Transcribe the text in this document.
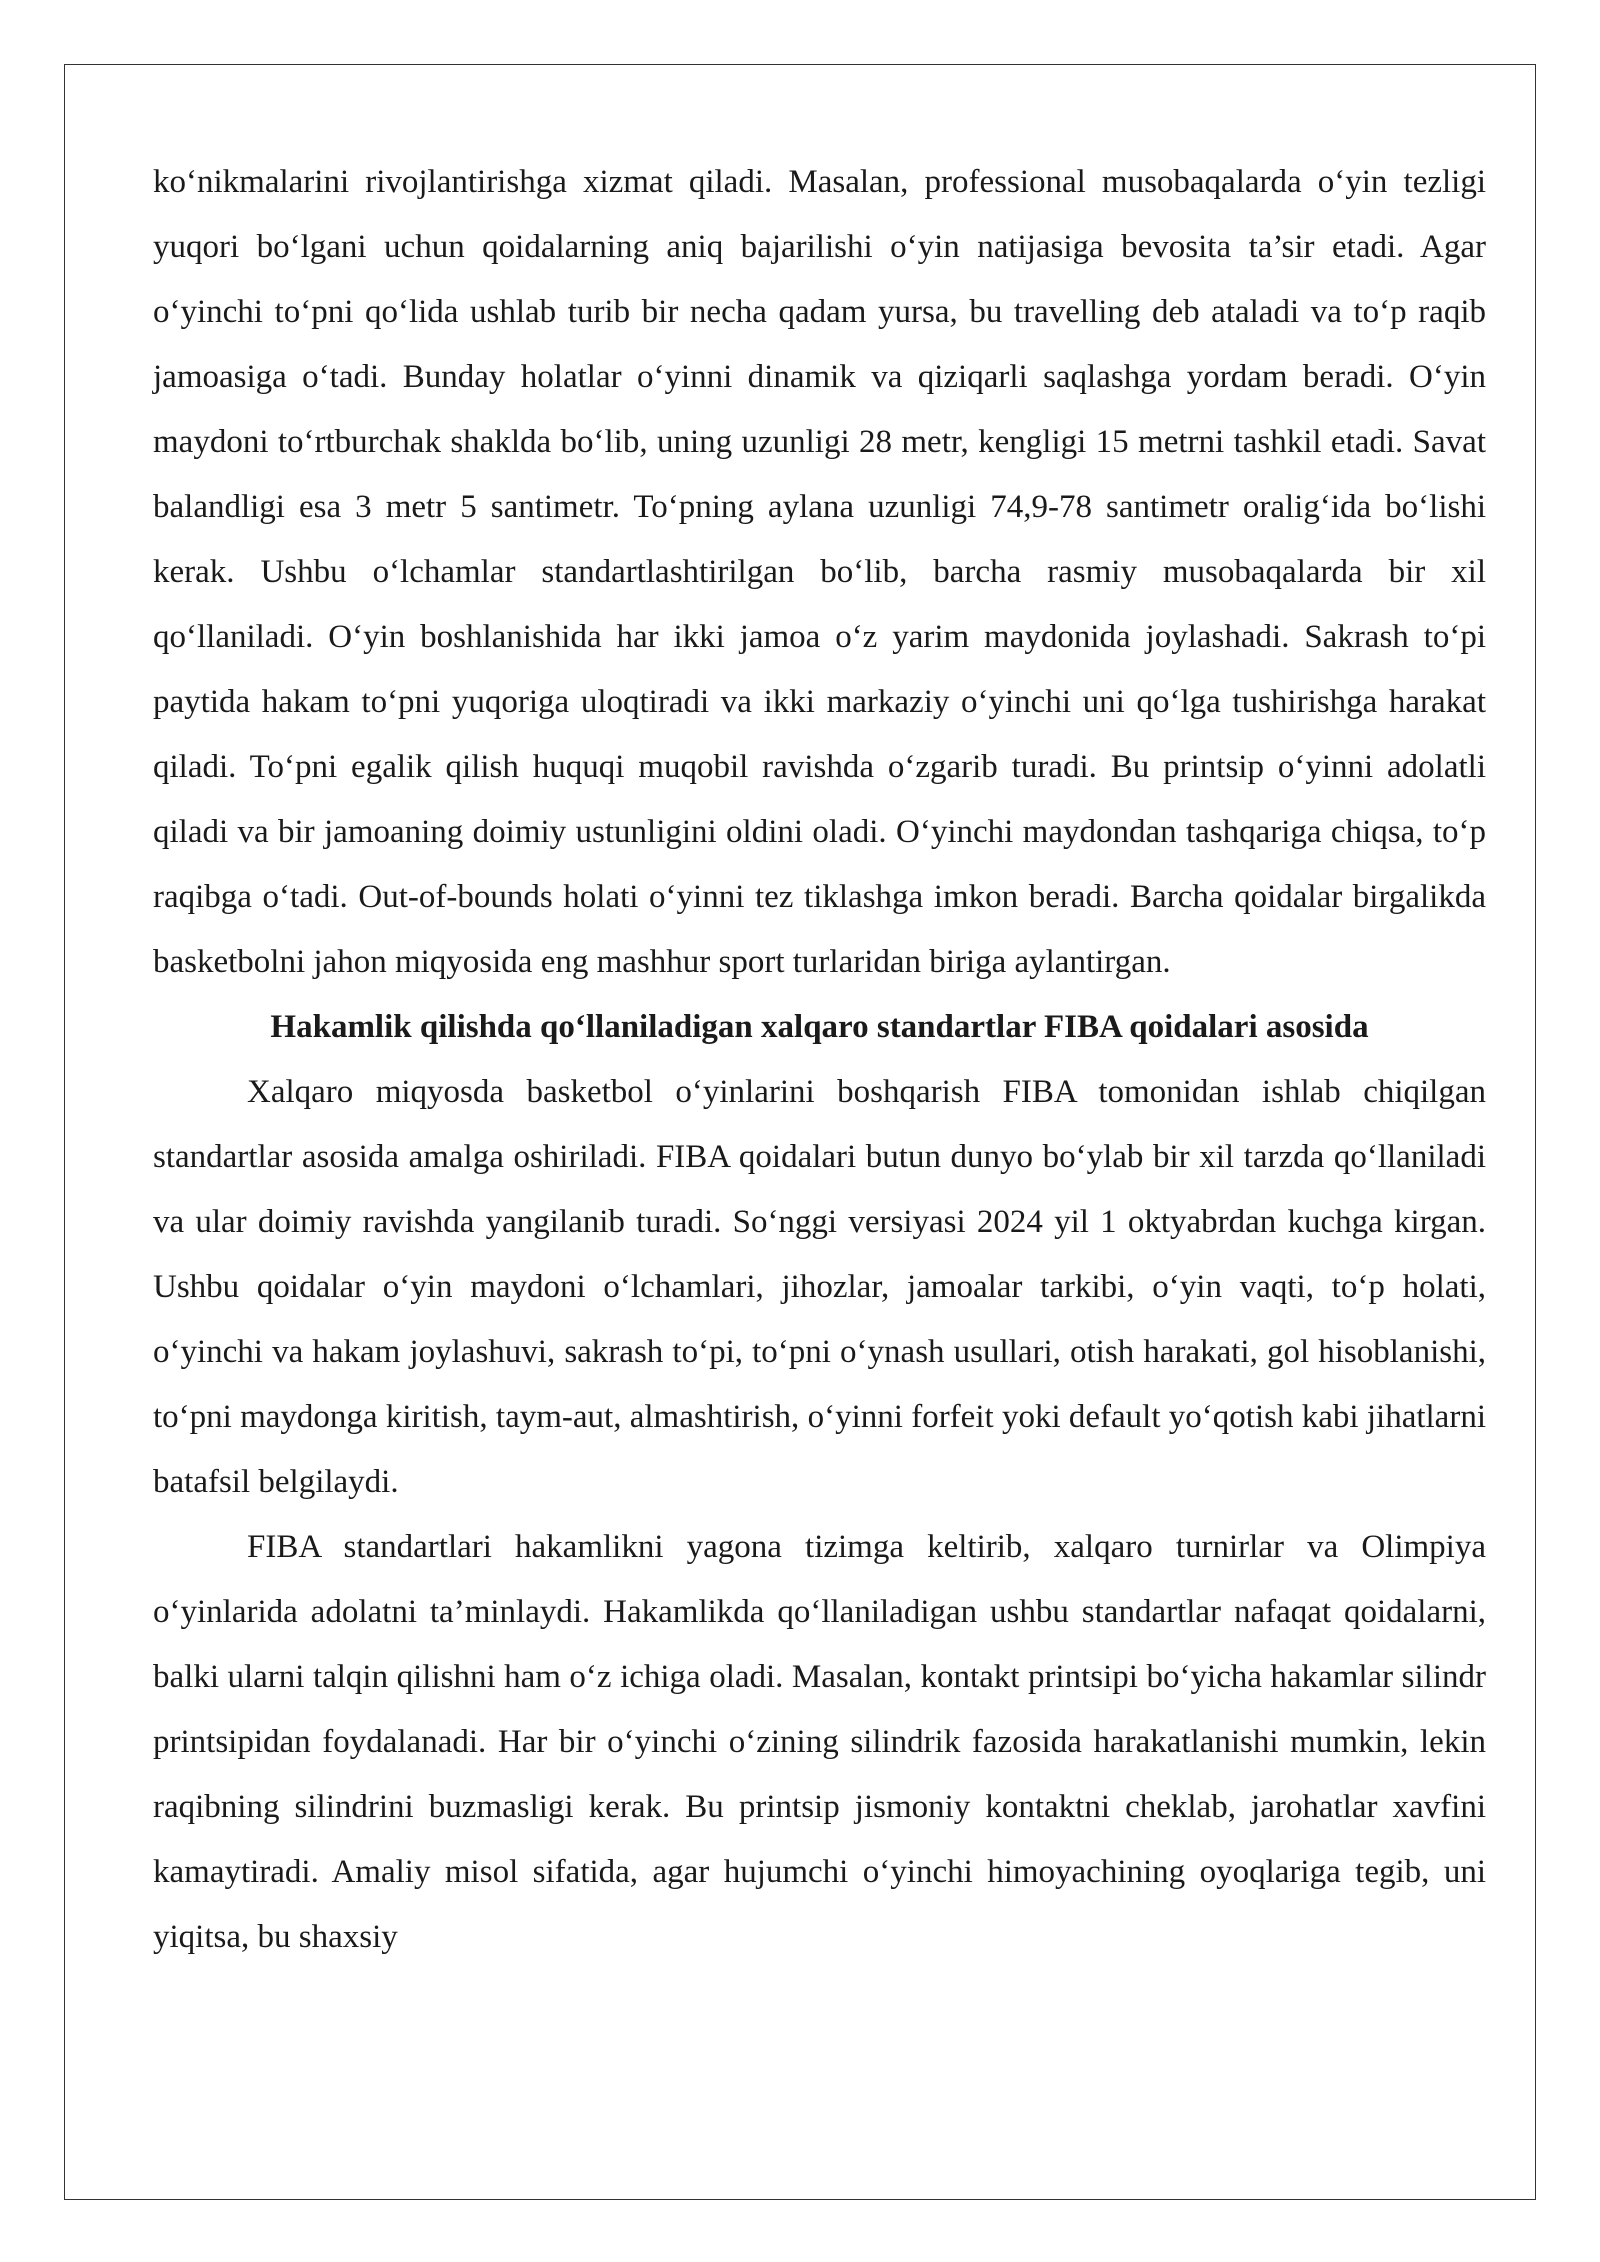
ko‘nikmalarini rivojlantirishga xizmat qiladi. Masalan, professional musobaqalarda o‘yin tezligi yuqori bo‘lgani uchun qoidalarning aniq bajarilishi o‘yin natijasiga bevosita ta’sir etadi. Agar o‘yinchi to‘pni qo‘lida ushlab turib bir necha qadam yursa, bu travelling deb ataladi va to‘p raqib jamoasiga o‘tadi. Bunday holatlar o‘yinni dinamik va qiziqarli saqlashga yordam beradi. O‘yin maydoni to‘rtburchak shaklda bo‘lib, uning uzunligi 28 metr, kengligi 15 metrni tashkil etadi. Savat balandligi esa 3 metr 5 santimetr. To‘pning aylana uzunligi 74,9-78 santimetr oralig‘ida bo‘lishi kerak. Ushbu o‘lchamlar standartlashtirilgan bo‘lib, barcha rasmiy musobaqalarda bir xil qo‘llaniladi. O‘yin boshlanishida har ikki jamoa o‘z yarim maydonida joylashadi. Sakrash to‘pi paytida hakam to‘pni yuqoriga uloqtiradi va ikki markaziy o‘yinchi uni qo‘lga tushirishga harakat qiladi. To‘pni egalik qilish huquqi muqobil ravishda o‘zgarib turadi. Bu printsip o‘yinni adolatli qiladi va bir jamoaning doimiy ustunligini oldini oladi. O‘yinchi maydondan tashqariga chiqsa, to‘p raqibga o‘tadi. Out-of-bounds holati o‘yinni tez tiklashga imkon beradi. Barcha qoidalar birgalikda basketbolni jahon miqyosida eng mashhur sport turlaridan biriga aylantirgan.

Hakamlik qilishda qo‘llaniladigan xalqaro standartlar FIBA qoidalari asosida

Xalqaro miqyosda basketbol o‘yinlarini boshqarish FIBA tomonidan ishlab chiqilgan standartlar asosida amalga oshiriladi. FIBA qoidalari butun dunyo bo‘ylab bir xil tarzda qo‘llaniladi va ular doimiy ravishda yangilanib turadi. So‘nggi versiyasi 2024 yil 1 oktyabrdan kuchga kirgan. Ushbu qoidalar o‘yin maydoni o‘lchamlari, jihozlar, jamoalar tarkibi, o‘yin vaqti, to‘p holati, o‘yinchi va hakam joylashuvi, sakrash to‘pi, to‘pni o‘ynash usullari, otish harakati, gol hisoblanishi, to‘pni maydonga kiritish, taym-aut, almashtirish, o‘yinni forfeit yoki default yo‘qotish kabi jihatlarni batafsil belgilaydi.

FIBA standartlari hakamlikni yagona tizimga keltirib, xalqaro turnirlar va Olimpiya o‘yinlarida adolatni ta’minlaydi. Hakamlikda qo‘llaniladigan ushbu standartlar nafaqat qoidalarni, balki ularni talqin qilishni ham o‘z ichiga oladi. Masalan, kontakt printsipi bo‘yicha hakamlar silindr printsipidan foydalanadi. Har bir o‘yinchi o‘zining silindrik fazosida harakatlanishi mumkin, lekin raqibning silindrini buzmasligi kerak. Bu printsip jismoniy kontaktni cheklab, jarohatlar xavfini kamaytiradi. Amaliy misol sifatida, agar hujumchi o‘yinchi himoyachining oyoqlariga tegib, uni yiqitsa, bu shaxsiy
